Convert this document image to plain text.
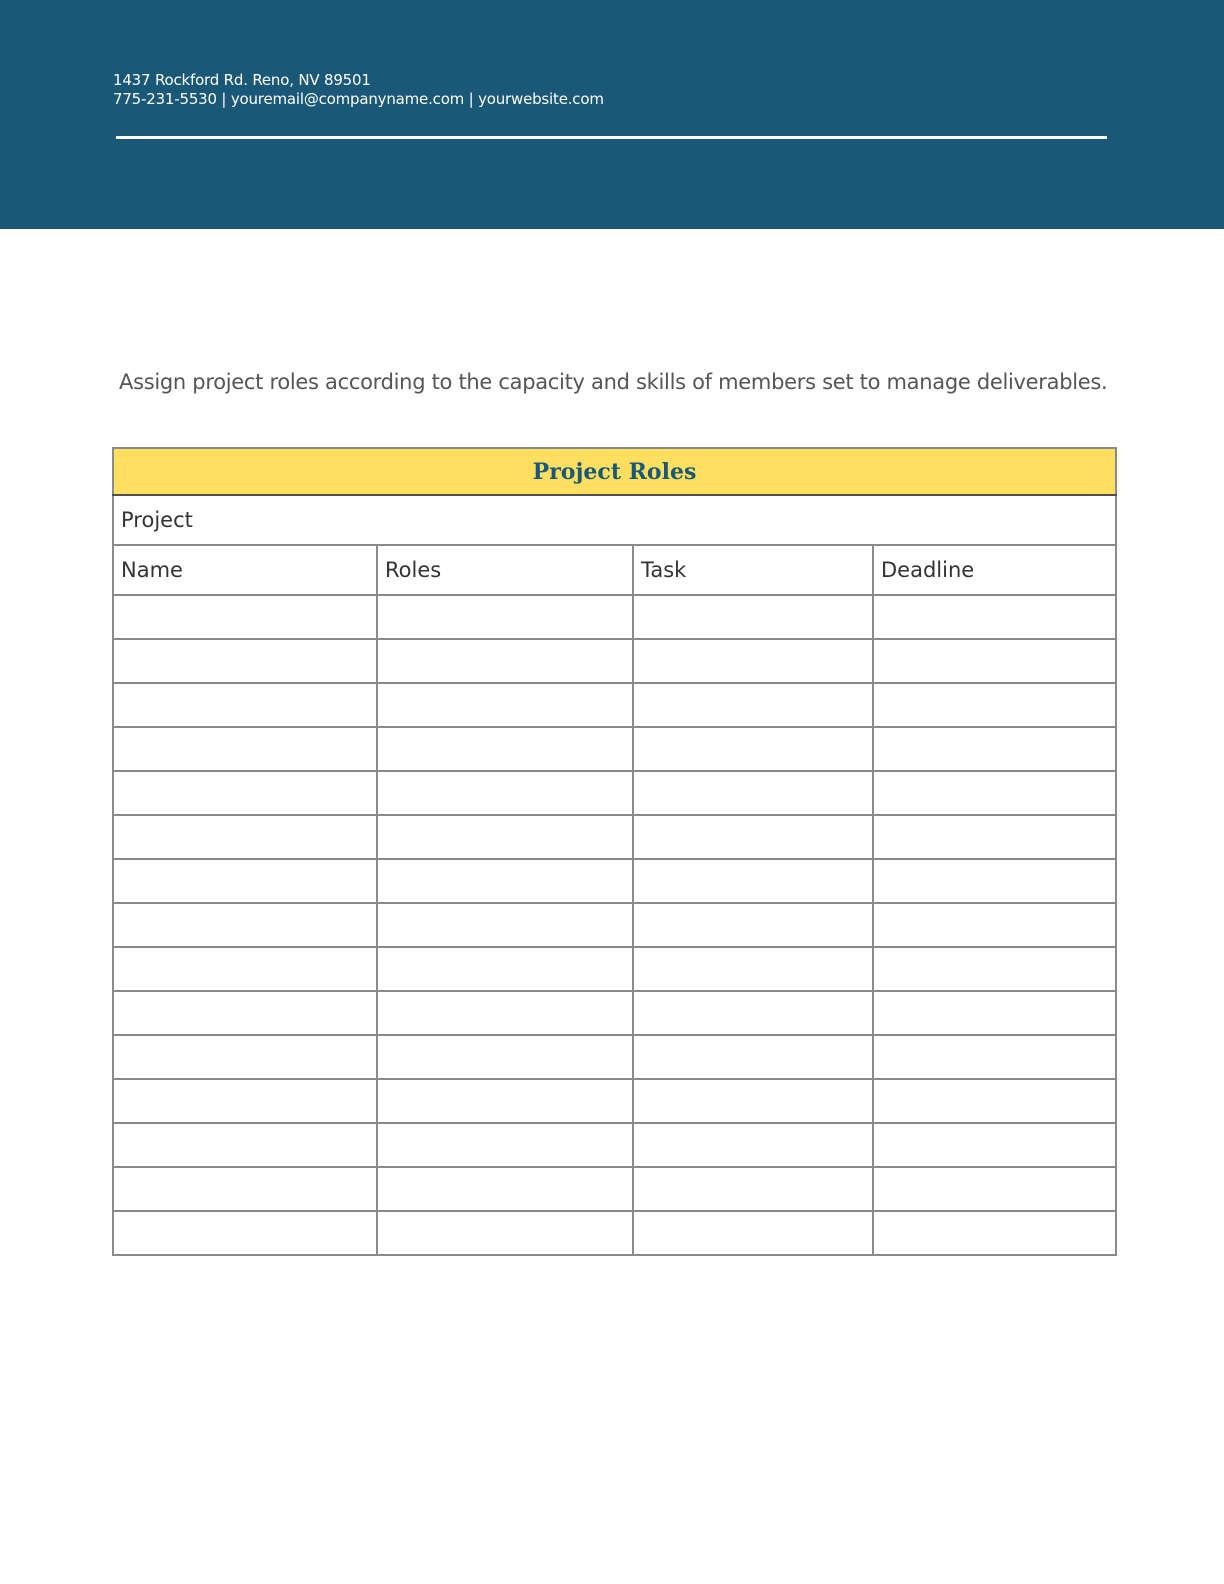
1437 Rockford Rd. Reno, NV 89501
775-231-5530 | youremail@companyname.com | yourwebsite.com
Assign project roles according to the capacity and skills of members set to manage deliverables.
Project Roles			
Project			
Name	Roles	Task	Deadline
